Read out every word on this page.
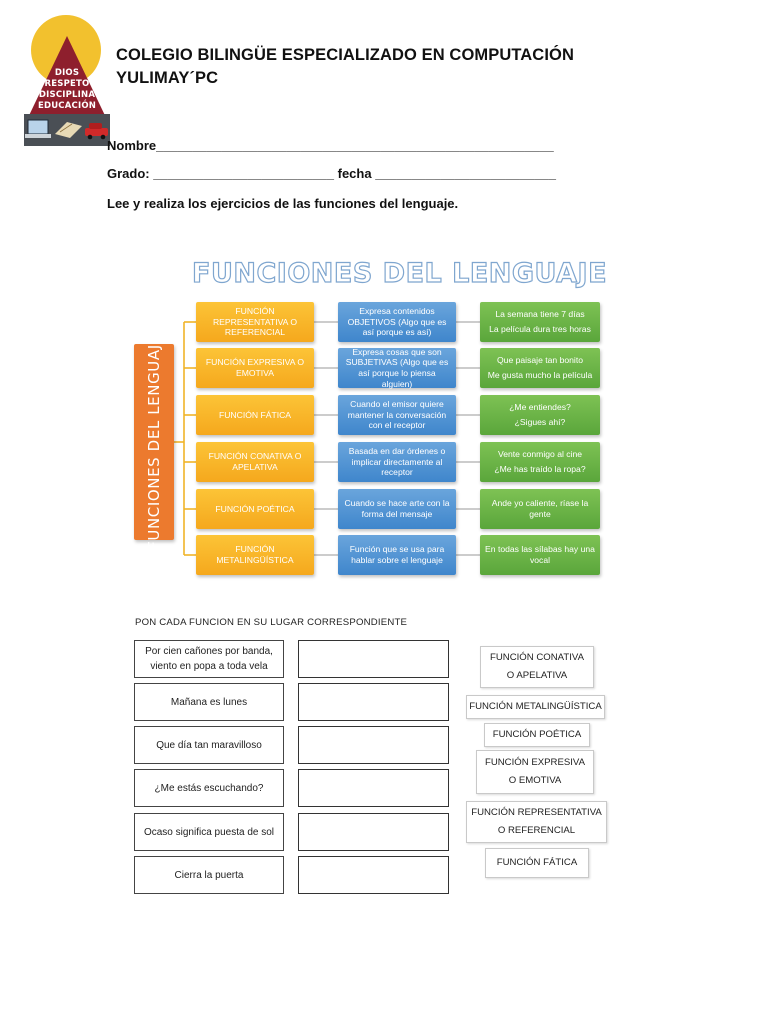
DIOS
RESPETO
DISCIPLINA
EDUCACIÓN
COLEGIO BILINGÜE ESPECIALIZADO EN COMPUTACIÓN
YULIMAY´PC
Nombre_______________________________________________________
Grado: _________________________ fecha _________________________
Lee y realiza los ejercicios de las funciones del lenguaje.
FUNCIONES DEL LENGUAJE
FUNCIONES DEL LENGUAJE
FUNCIÓN REPRESENTATIVA O REFERENCIAL
Expresa contenidos OBJETIVOS (Algo que es así porque es así)
La semana tiene 7 días
La película dura tres horas
FUNCIÓN EXPRESIVA O EMOTIVA
Expresa cosas que son SUBJETIVAS (Algo que es así porque lo piensa alguien)
Que paisaje tan bonito
Me gusta mucho la película
FUNCIÓN FÁTICA
Cuando el emisor quiere mantener la conversación con el receptor
¿Me entiendes?
¿Sigues ahí?
FUNCIÓN CONATIVA O APELATIVA
Basada en dar órdenes o implicar directamente al receptor
Vente conmigo al cine
¿Me has traído la ropa?
FUNCIÓN POÉTICA
Cuando se hace arte con la forma del mensaje
Ande yo caliente, ríase la gente
FUNCIÓN METALINGÜÍSTICA
Función que se usa para hablar sobre el lenguaje
En todas las sílabas hay una vocal
PON CADA FUNCION EN SU LUGAR CORRESPONDIENTE
Por cien cañones por banda, viento en popa a toda vela
Mañana es lunes
Que día tan maravilloso
¿Me estás escuchando?
Ocaso significa puesta de sol
Cierra la puerta
FUNCIÓN CONATIVA O APELATIVA
FUNCIÓN METALINGÜÍSTICA
FUNCIÓN POÉTICA
FUNCIÓN EXPRESIVA O EMOTIVA
FUNCIÓN REPRESENTATIVA O REFERENCIAL
FUNCIÓN FÁTICA
